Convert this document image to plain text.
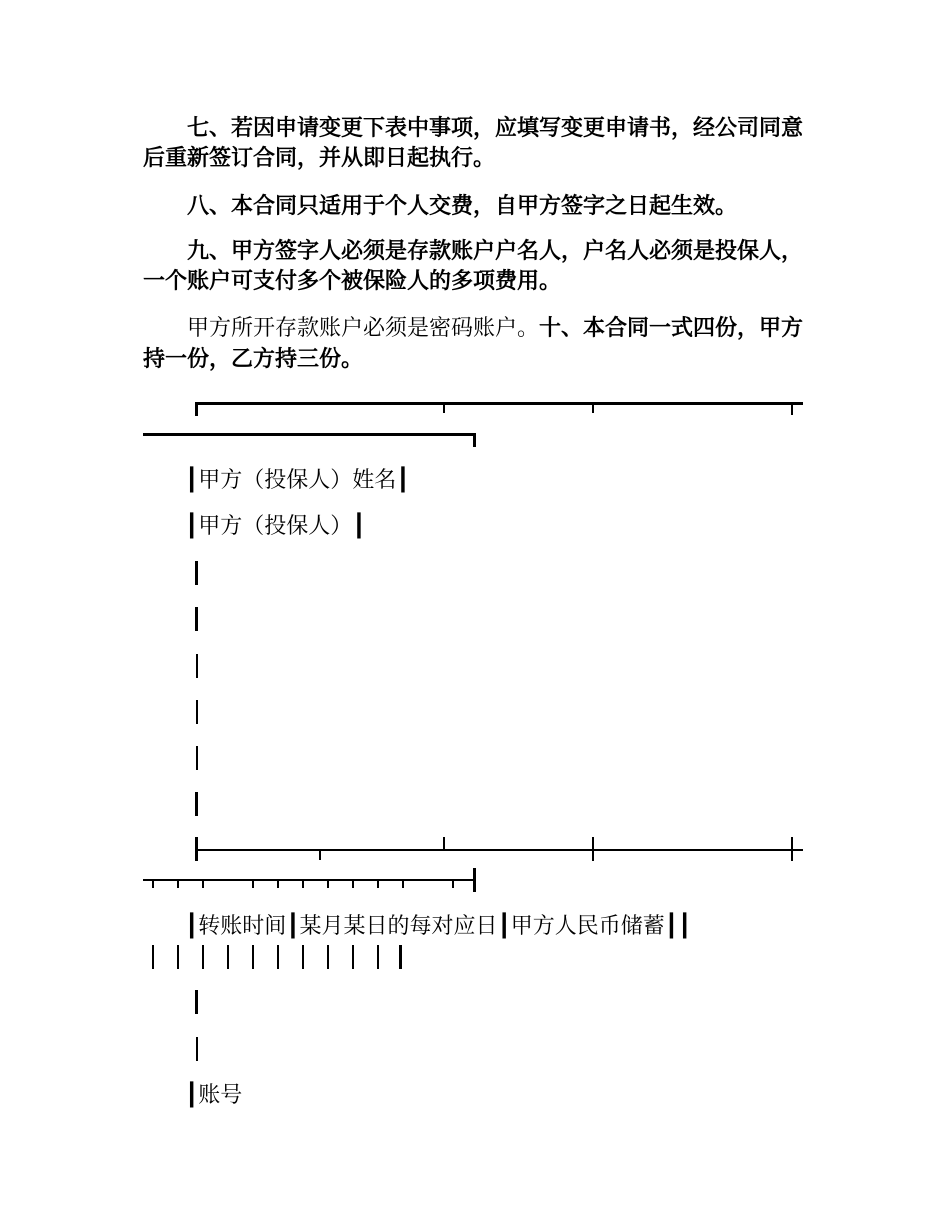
七、若因申请变更下表中事项，应填写变更申请书，经公司同意后重新签订合同，并从即日起执行。

八、本合同只适用于个人交费，自甲方签字之日起生效。

九、甲方签字人必须是存款账户户名人，户名人必须是投保人，一个账户可支付多个被保险人的多项费用。

甲方所开存款账户必须是密码账户。十、本合同一式四份，甲方持一份，乙方持三份。

┃甲方（投保人）姓名┃
┃甲方（投保人）┃
┃转账时间┃某月某日的每对应日┃甲方人民币储蓄┃┃
┃账号
